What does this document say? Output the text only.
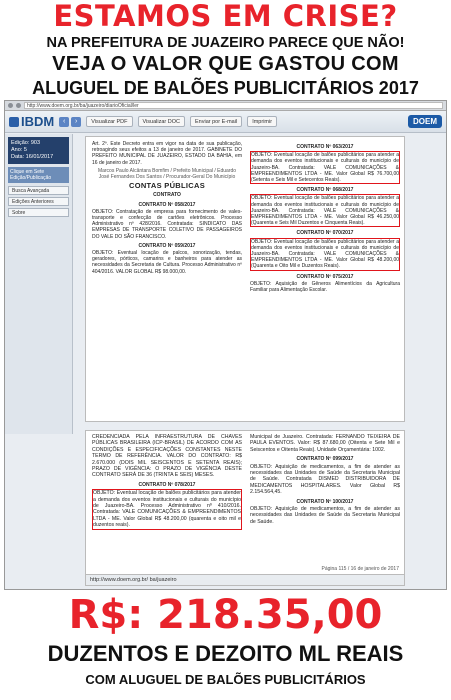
ESTAMOS EM CRISE?
NA PREFEITURA DE JUAZEIRO PARECE QUE NÃO!
VEJA O VALOR QUE GASTOU COM
ALUGUEL DE BALÕES PUBLICITÁRIOS 2017
http://www.doem.org.br/ba/juazeiro/diarioOficial/ler
IBDM	‹	›	Visualizar PDF	Visualizar DOC	Enviar por E-mail	Imprimir	DOEM
Edição: 903
Ano: 5
Data: 16/01/2017
Clique em Sete Edição/Publicação
Busca Avançada
Edições Anteriores
Sobre

Art. 2º. Este Decreto entra em vigor na data de sua publicação, retroagindo seus efeitos a 13 de janeiro de 2017. GABINETE DO PREFEITO MUNICIPAL DE JUAZEIRO, ESTADO DA BAHIA, em 16 de janeiro de 2017.

Marcos Paulo Alcântara Bomfim / Prefeito Municipal / Eduardo José Fernandes Dos Santos / Procurador-Geral Do Município

CONTAS PÚBLICAS
CONTRATO
CONTRATO Nº 058/2017

OBJETO: Contratação de empresa para fornecimento de vales-transporte e confecção de cartões eletrônicos. Processo Administrativo nº 428/2016. Contratada: SINDICATO DAS EMPRESAS DE TRANSPORTE COLETIVO DE PASSAGEIROS DO VALE DO SÃO FRANCISCO.

CONTRATO Nº 059/2017

OBJETO: Eventual locação de palcos, sonorização, tendas, geradores, pórticos, camarins e banheiros para atender as necessidades da Secretaria de Cultura. Processo Administrativo nº 404/2016. VALOR GLOBAL R$ 98.000,00.

CONTRATO Nº 063/2017

OBJETO: Eventual locação de balões publicitários para atender a demanda dos eventos institucionais e culturais do município de Juazeiro-BA. Contratada: VALE COMUNICAÇÕES & EMPREENDIMENTOS LTDA - ME. Valor Global R$ 76.700,00 (Setenta e Seis Mil e Setecentos Reais).

CONTRATO Nº 068/2017

OBJETO: Eventual locação de balões publicitários para atender a demanda dos eventos institucionais e culturais do município de Juazeiro-BA. Contratada: VALE COMUNICAÇÕES & EMPREENDIMENTOS LTDA - ME. Valor Global R$ 46.250,00 (Quarenta e Seis Mil Duzentos e Cinquenta Reais).

CONTRATO Nº 070/2017

OBJETO: Eventual locação de balões publicitários para atender a demanda dos eventos institucionais e culturais do município de Juazeiro-BA. Contratada: VALE COMUNICAÇÕES & EMPREENDIMENTOS LTDA - ME. Valor Global R$ 48.200,00 (Quarenta e Oito Mil e Duzentos Reais).

CONTRATO Nº 075/2017

OBJETO: Aquisição de Gêneros Alimentícios da Agricultura Familiar para Alimentação Escolar.

CREDENCIADA PELA INFRAESTRUTURA DE CHAVES PÚBLICAS BRASILEIRA (ICP-BRASIL) DE ACORDO COM AS CONDIÇÕES E ESPECIFICAÇÕES CONSTANTES NESTE TERMO DE REFERÊNCIA. VALOR DO CONTRATO: R$ 2.670.000 (DOIS MIL SEISCENTOS E SETENTA REAIS); PRAZO DE VIGÊNCIA: O PRAZO DE VIGÊNCIA DESTE CONTRATO SERÁ DE 36 (TRINTA E SEIS) MESES.

CONTRATO Nº 078/2017

OBJETO: Eventual locação de balões publicitários para atender a demanda dos eventos institucionais e culturais do município de Juazeiro-BA. Processo Administrativo nº 410/2016. Contratada: VALE COMUNICAÇÕES & EMPREENDIMENTOS LTDA - ME. Valor Global R$ 48.200,00 (quarenta e oito mil e duzentos reais).

Municipal de Juazeiro. Contratada: FERNANDO TEIXEIRA DE PAULA EVENTOS. Valor: R$ 87.680,00 (Oitenta e Sete Mil e Seiscentos e Oitenta Reais). Unidade Orçamentária: 1002.

CONTRATO Nº 099/2017

OBJETO: Aquisição de medicamentos, a fim de atender as necessidades das Unidades de Saúde da Secretaria Municipal de Saúde. Contratada DISMED DISTRIBUIDORA DE MEDICAMENTOS HOSPITALARES. Valor Global R$ 2.154.564,45.

CONTRATO Nº 100/2017

OBJETO: Aquisição de medicamentos, a fim de atender as necessidades das Unidades de Saúde da Secretaria Municipal de Saúde.

Página 115 / 16 de janeiro de 2017
http://www.doem.org.br/ ba/juazeiro
R$: 218.35,00
DUZENTOS E DEZOITO ML REAIS
COM ALUGUEL DE BALÕES PUBLICITÁRIOS
